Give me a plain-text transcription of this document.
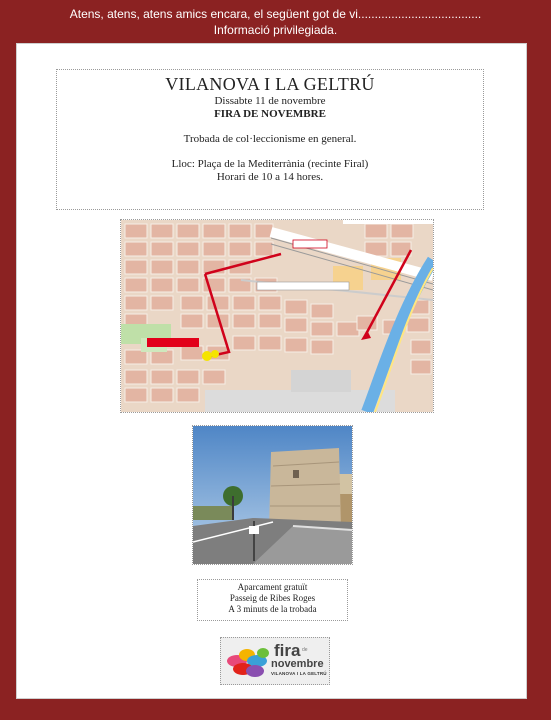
Atens, atens, atens amics encara, el següent got de vi.....................................
Informació privilegiada.
VILANOVA I LA GELTRÚ
Dissabte 11 de novembre
FIRA DE NOVEMBRE
Trobada de col·leccionisme en general.
Lloc: Plaça de la Mediterrània (recinte Firal)
Horari de 10 a 14 hores.
Aparcament gratuït
Passeig de Ribes Roges
A 3 minuts de la trobada
fira de
novembre
VILANOVA I LA GELTRÚ
